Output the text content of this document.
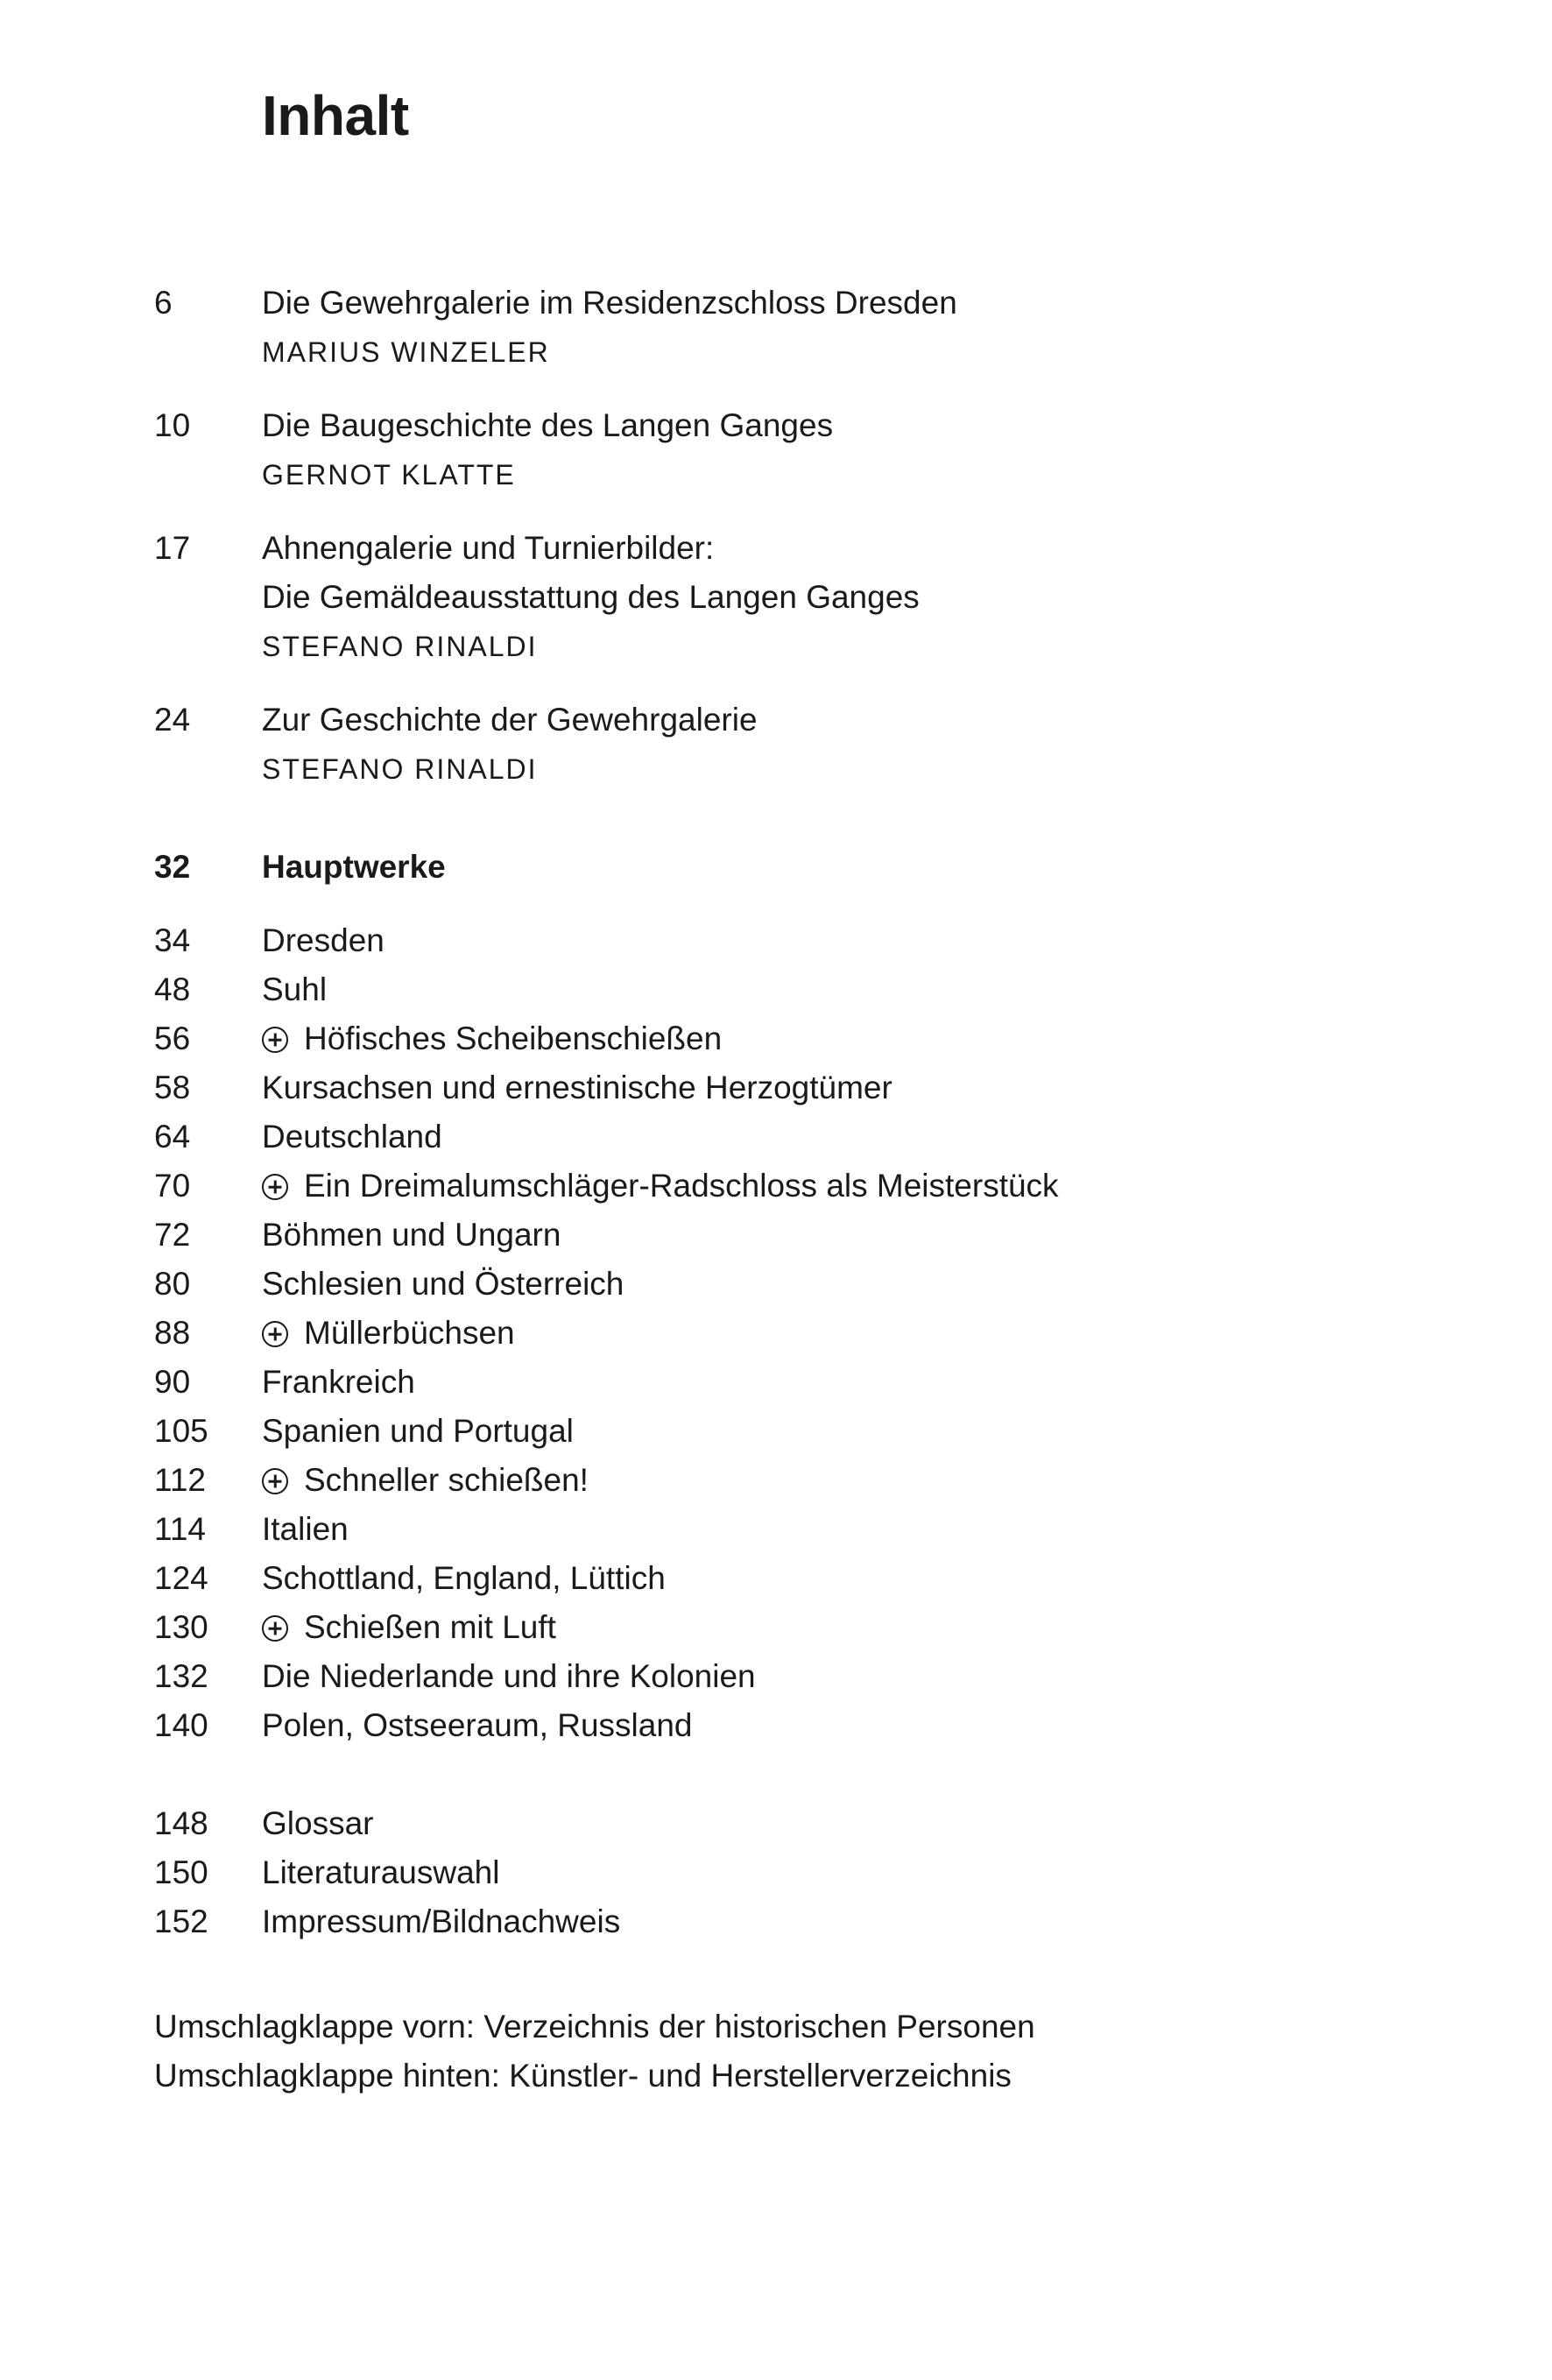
Inhalt
6	Die Gewehrgalerie im Residenzschloss Dresden
MARIUS WINZELER
10	Die Baugeschichte des Langen Ganges
GERNOT KLATTE
17	Ahnengalerie und Turnierbilder:
Die Gemäldeausstattung des Langen Ganges
STEFANO RINALDI
24	Zur Geschichte der Gewehrgalerie
STEFANO RINALDI
32	Hauptwerke
34	Dresden
48	Suhl
56	Höfisches Scheibenschießen
58	Kursachsen und ernestinische Herzogtümer
64	Deutschland
70	Ein Dreimalumschläger-Radschloss als Meisterstück
72	Böhmen und Ungarn
80	Schlesien und Österreich
88	Müllerbüchsen
90	Frankreich
105	Spanien und Portugal
112	Schneller schießen!
114	Italien
124	Schottland, England, Lüttich
130	Schießen mit Luft
132	Die Niederlande und ihre Kolonien
140	Polen, Ostseeraum, Russland
148	Glossar
150	Literaturauswahl
152	Impressum/Bildnachweis
Umschlagklappe vorn: Verzeichnis der historischen Personen
Umschlagklappe hinten: Künstler- und Herstellerverzeichnis
